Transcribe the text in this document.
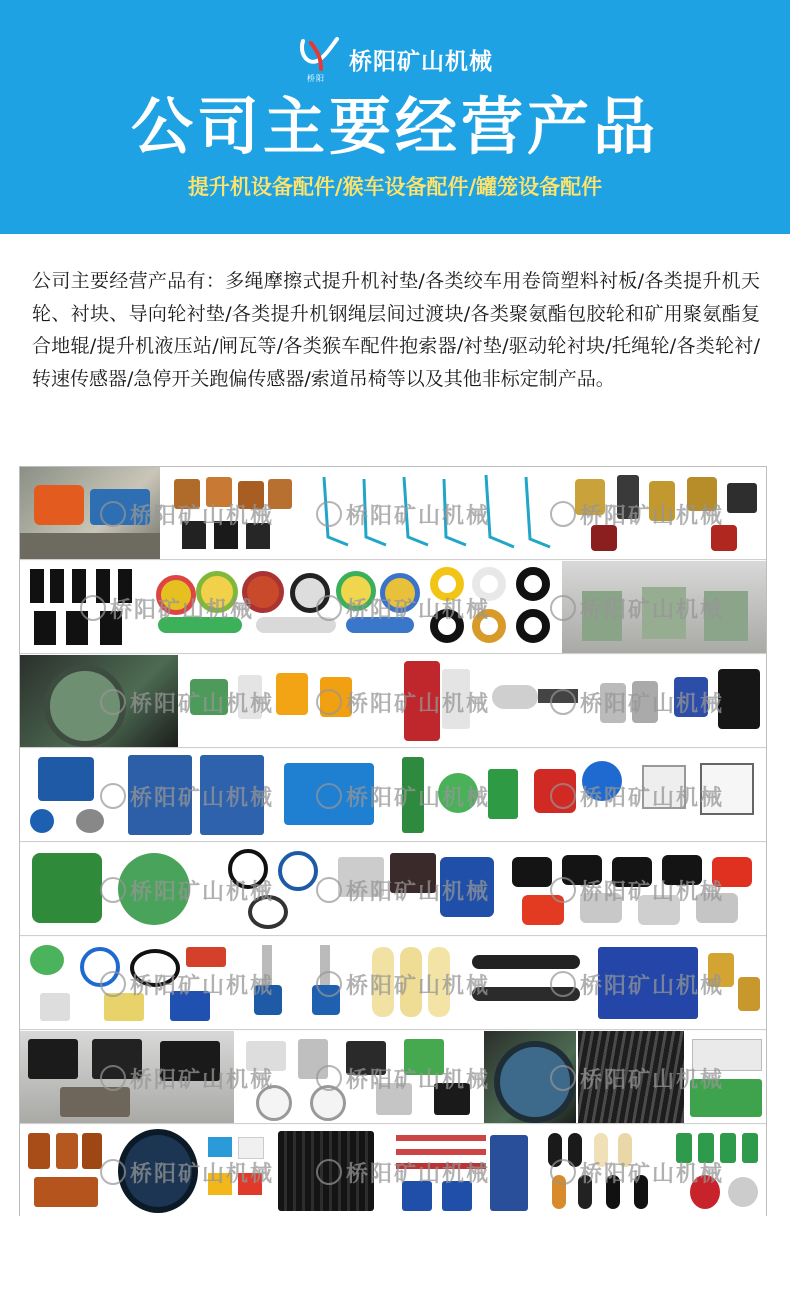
桥阳
桥阳矿山机械
公司主要经营产品
提升机设备配件/猴车设备配件/罐笼设备配件
公司主要经营产品有：多绳摩擦式提升机衬垫/各类绞车用卷筒塑料衬板/各类提升机天轮、衬块、导向轮衬垫/各类提升机钢绳层间过渡块/各类聚氨酯包胶轮和矿用聚氨酯复合地辊/提升机液压站/闸瓦等/各类猴车配件抱索器/衬垫/驱动轮衬块/托绳轮/各类轮衬/转速传感器/急停开关跑偏传感器/索道吊椅等以及其他非标定制产品。
桥阳矿山机械
桥阳矿山机械	桥阳矿山机械
桥阳矿山机械	桥阳矿山机械	桥阳矿山机械
桥阳矿山机械	桥阳矿山机械	桥阳矿山机械
桥阳矿山机械	桥阳矿山机械	桥阳矿山机械
桥阳矿山机械	桥阳矿山机械	桥阳矿山机械
桥阳矿山机械	桥阳矿山机械	桥阳矿山机械
桥阳矿山机械	桥阳矿山机械	桥阳矿山机械
桥阳矿山机械	桥阳矿山机械	桥阳矿山机械
